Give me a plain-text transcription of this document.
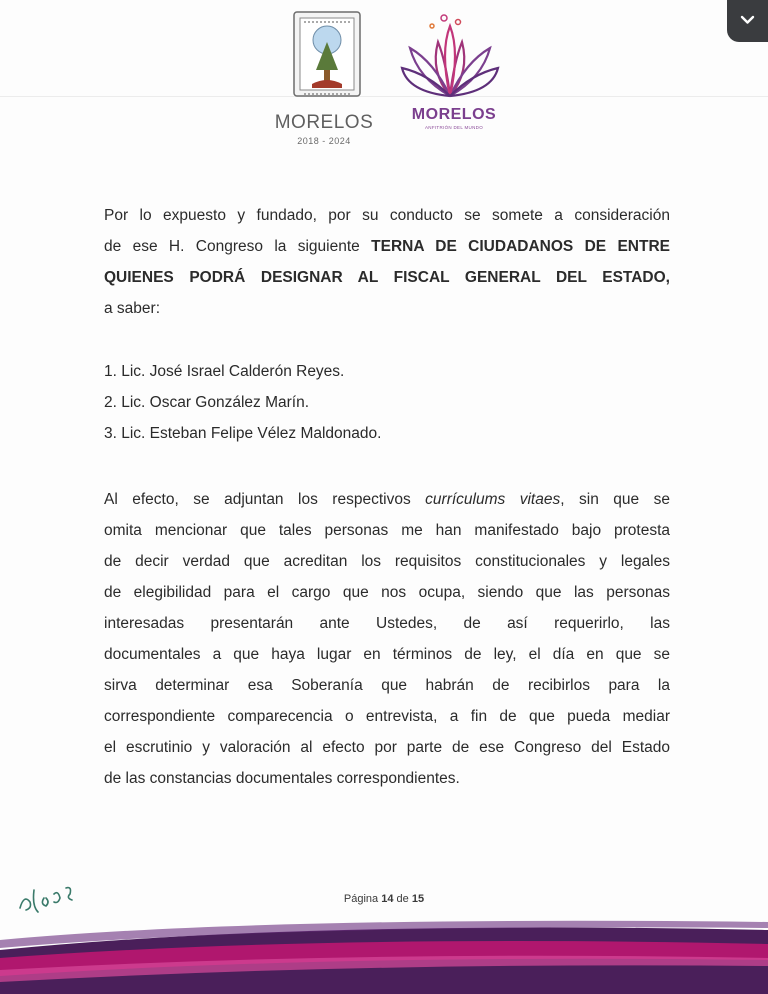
MORELOS
2018 - 2024
MORELOS
ANFITRIÓN DEL MUNDO
Por lo expuesto y fundado, por su conducto se somete a consideración
de ese H. Congreso la siguiente TERNA DE CIUDADANOS DE ENTRE
QUIENES PODRÁ DESIGNAR AL FISCAL GENERAL DEL ESTADO,
a saber:
1. Lic. José Israel Calderón Reyes.
2. Lic. Oscar González Marín.
3. Lic. Esteban Felipe Vélez Maldonado.
Al efecto, se adjuntan los respectivos currículums vitaes, sin que se
omita mencionar que tales personas me han manifestado bajo protesta
de decir verdad que acreditan los requisitos constitucionales y legales
de elegibilidad para el cargo que nos ocupa, siendo que las personas
interesadas presentarán ante Ustedes, de así requerirlo, las
documentales a que haya lugar en términos de ley, el día en que se
sirva determinar esa Soberanía que habrán de recibirlos para la
correspondiente comparecencia o entrevista, a fin de que pueda mediar
el escrutinio y valoración al efecto por parte de ese Congreso del Estado
de las constancias documentales correspondientes.
Página 14 de 15
